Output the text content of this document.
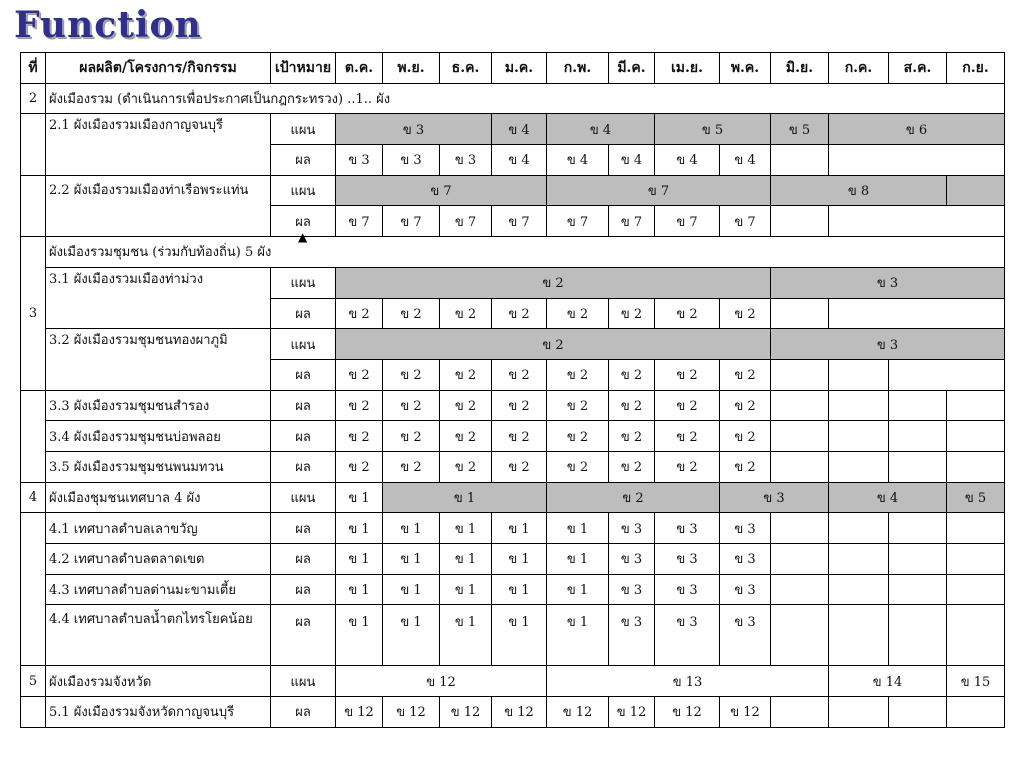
Function
ที่	ผลผลิต/โครงการ/กิจกรรม	เป้าหมาย	ต.ค.	พ.ย.	ธ.ค.	ม.ค.	ก.พ.	มี.ค.	เม.ย.	พ.ค.	มิ.ย.	ก.ค.	ส.ค.	ก.ย.
2	ผังเมืองรวม (ดำเนินการเพื่อประกาศเป็นกฎกระทรวง) ..1.. ผัง													
	2.1 ผังเมืองรวมเมืองกาญจนบุรี	แผน	ข 3			ข 4	ข 4		ข 5		ข 5	ข 6		
		ผล	ข 3	ข 3	ข 3	ข 4	ข 4	ข 4	ข 4	ข 4				
	2.2 ผังเมืองรวมเมืองท่าเรือพระแท่น	แผน	ข 7				ข 7				ข 8			
		ผล	ข 7	ข 7	ข 7	ข 7	ข 7	ข 7	ข 7	ข 7				
3	ผังเมืองรวมชุมชน (ร่วมกับท้องถิ่น) 5 ผัง													
	3.1 ผังเมืองรวมเมืองท่าม่วง	แผน	ข 2								ข 3			
		ผล	ข 2	ข 2	ข 2	ข 2	ข 2	ข 2	ข 2	ข 2				
	3.2 ผังเมืองรวมชุมชนทองผาภูมิ	แผน	ข 2								ข 3			
		ผล	ข 2	ข 2	ข 2	ข 2	ข 2	ข 2	ข 2	ข 2				
	3.3 ผังเมืองรวมชุมชนสำรอง	ผล	ข 2	ข 2	ข 2	ข 2	ข 2	ข 2	ข 2	ข 2				
	3.4 ผังเมืองรวมชุมชนบ่อพลอย	ผล	ข 2	ข 2	ข 2	ข 2	ข 2	ข 2	ข 2	ข 2				
	3.5 ผังเมืองรวมชุมชนพนมทวน	ผล	ข 2	ข 2	ข 2	ข 2	ข 2	ข 2	ข 2	ข 2				
4	ผังเมืองชุมชนเทศบาล 4 ผัง	แผน	ข 1	ข 1			ข 2			ข 3		ข 4		ข 5
	4.1 เทศบาลตำบลเลาขวัญ	ผล	ข 1	ข 1	ข 1	ข 1	ข 1	ข 3	ข 3	ข 3				
	4.2 เทศบาลตำบลตลาดเขต	ผล	ข 1	ข 1	ข 1	ข 1	ข 1	ข 3	ข 3	ข 3				
	4.3 เทศบาลตำบลด่านมะขามเตี้ย	ผล	ข 1	ข 1	ข 1	ข 1	ข 1	ข 3	ข 3	ข 3				
	4.4 เทศบาลตำบลน้ำตกไทรโยคน้อย	ผล	ข 1	ข 1	ข 1	ข 1	ข 1	ข 3	ข 3	ข 3				
5	ผังเมืองรวมจังหวัด	แผน	ข 12				ข 13					ข 14		ข 15
	5.1 ผังเมืองรวมจังหวัดกาญจนบุรี	ผล	ข 12	ข 12	ข 12	ข 12	ข 12	ข 12	ข 12	ข 12				
▲
